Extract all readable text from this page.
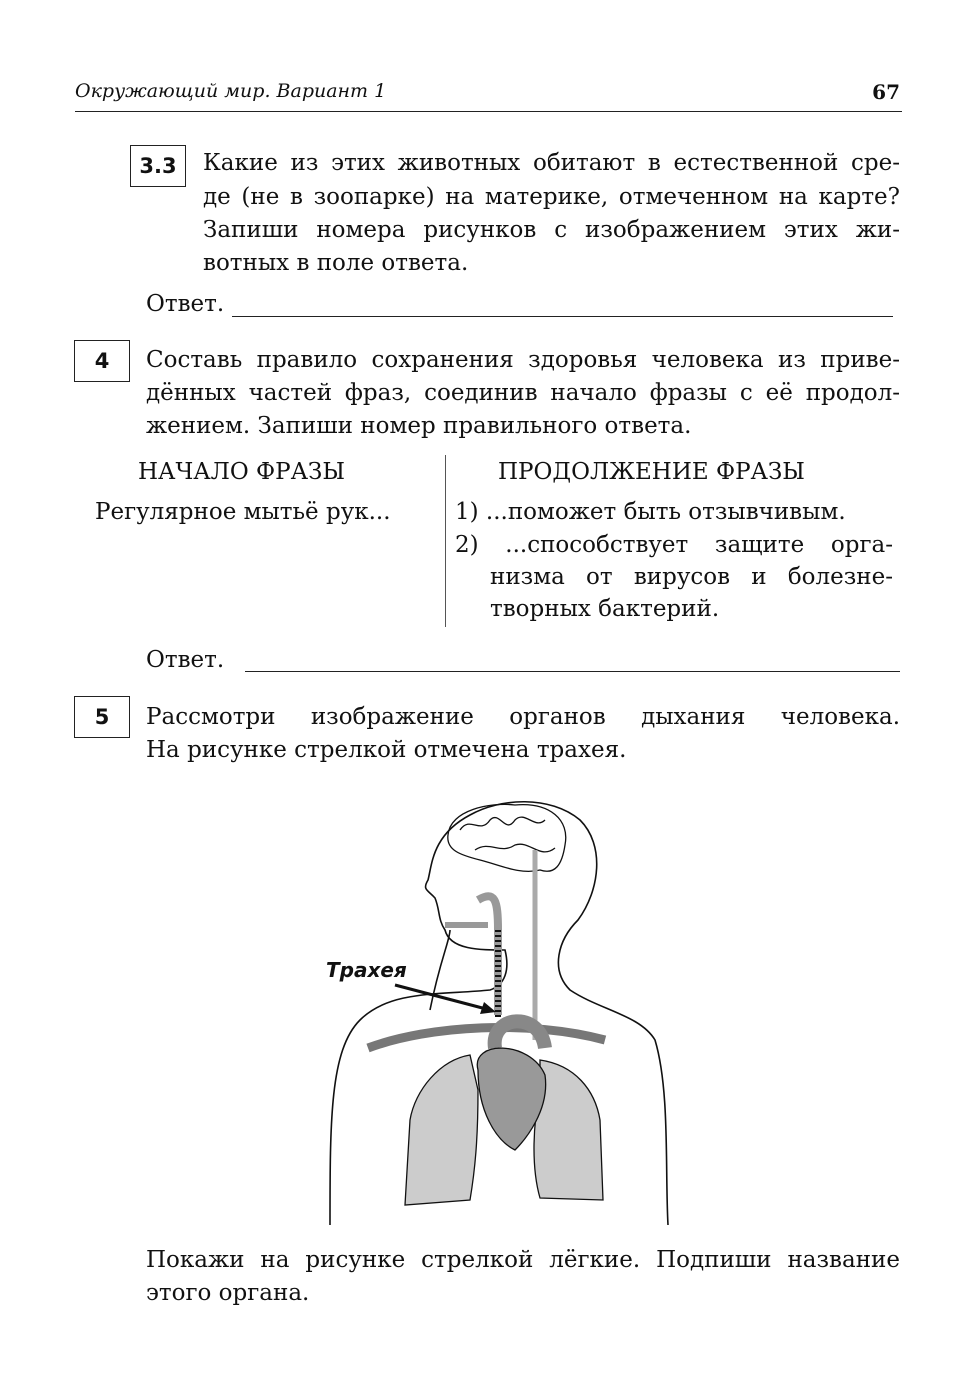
Окружающий мир. Вариант 1	67
3.3	Какие из этих животных обитают в естественной сре-
де (не в зоопарке) на материке, отмеченном на карте?
Запиши номера рисунков с изображением этих жи-
вотных в поле ответа.
Ответ.
4	Составь правило сохранения здоровья человека из приве-
дённых частей фраз, соединив начало фразы с её продол-
жением. Запиши номер правильного ответа.
НАЧАЛО ФРАЗЫ	ПРОДОЛЖЕНИЕ ФРАЗЫ
Регулярное мытьё рук...	1) ...поможет быть отзывчивым.
2) ...способствует защите орга-
низма от вирусов и болезне-
творных бактерий.
Ответ.
5	Рассмотри изображение органов дыхания человека.
На рисунке стрелкой отмечена трахея.
Трахея
Покажи на рисунке стрелкой лёгкие. Подпиши название
этого органа.
